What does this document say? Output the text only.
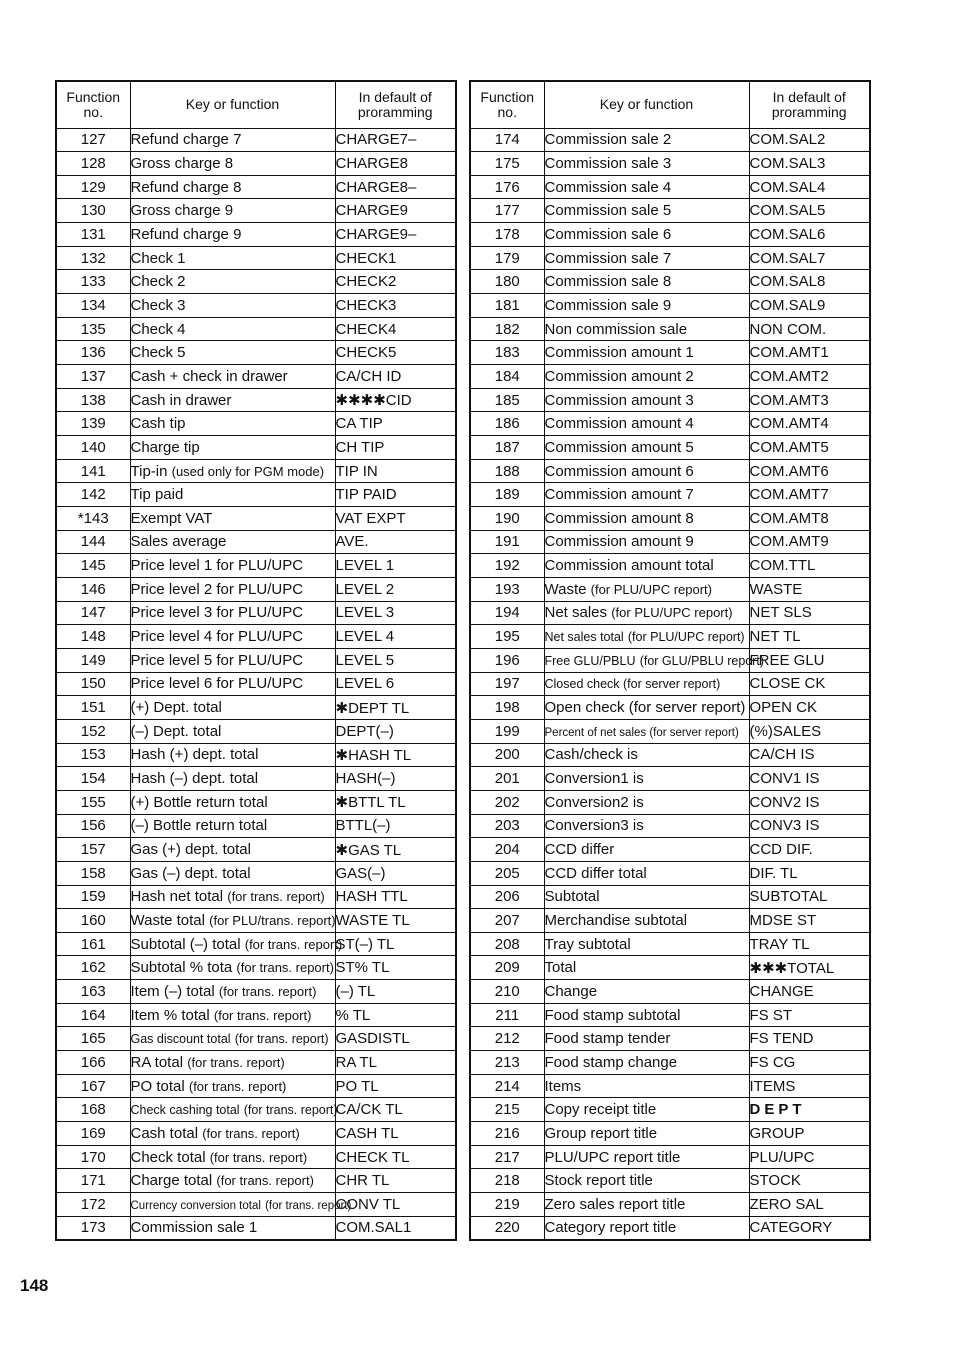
Function
no.	Key or function	In default of
proramming
127	Refund charge 7	CHARGE7–
128	Gross charge 8	CHARGE8
129	Refund charge 8	CHARGE8–
130	Gross charge 9	CHARGE9
131	Refund charge 9	CHARGE9–
132	Check 1	CHECK1
133	Check 2	CHECK2
134	Check 3	CHECK3
135	Check 4	CHECK4
136	Check 5	CHECK5
137	Cash + check in drawer	CA/CH ID
138	Cash in drawer	✱✱✱✱CID
139	Cash tip	CA TIP
140	Charge tip	CH TIP
141	Tip-in (used only for PGM mode)	TIP IN
142	Tip paid	TIP PAID
*143	Exempt VAT	VAT EXPT
144	Sales average	AVE.
145	Price level 1 for PLU/UPC	LEVEL 1
146	Price level 2 for PLU/UPC	LEVEL 2
147	Price level 3 for PLU/UPC	LEVEL 3
148	Price level 4 for PLU/UPC	LEVEL 4
149	Price level 5 for PLU/UPC	LEVEL 5
150	Price level 6 for PLU/UPC	LEVEL 6
151	(+) Dept. total	✱DEPT TL
152	(–) Dept. total	DEPT(–)
153	Hash (+) dept. total	✱HASH TL
154	Hash (–) dept. total	HASH(–)
155	(+) Bottle return total	✱BTTL TL
156	(–) Bottle return total	BTTL(–)
157	Gas (+) dept. total	✱GAS TL
158	Gas (–) dept. total	GAS(–)
159	Hash net total (for trans. report)	HASH TTL
160	Waste total (for PLU/trans. report)	WASTE TL
161	Subtotal (–) total (for trans. report)	ST(–) TL
162	Subtotal % tota (for trans. report)	ST% TL
163	Item (–) total (for trans. report)	(–) TL
164	Item % total (for trans. report)	% TL
165	Gas discount total (for trans. report)	GASDISTL
166	RA total (for trans. report)	RA TL
167	PO total (for trans. report)	PO TL
168	Check cashing total (for trans. report)	CA/CK TL
169	Cash total (for trans. report)	CASH TL
170	Check total (for trans. report)	CHECK TL
171	Charge total (for trans. report)	CHR TL
172	Currency conversion total (for trans. report)	CONV TL
173	Commission sale 1	COM.SAL1
Function
no.	Key or function	In default of
proramming
174	Commission sale 2	COM.SAL2
175	Commission sale 3	COM.SAL3
176	Commission sale 4	COM.SAL4
177	Commission sale 5	COM.SAL5
178	Commission sale 6	COM.SAL6
179	Commission sale 7	COM.SAL7
180	Commission sale 8	COM.SAL8
181	Commission sale 9	COM.SAL9
182	Non commission sale	NON COM.
183	Commission amount 1	COM.AMT1
184	Commission amount 2	COM.AMT2
185	Commission amount 3	COM.AMT3
186	Commission amount 4	COM.AMT4
187	Commission amount 5	COM.AMT5
188	Commission amount 6	COM.AMT6
189	Commission amount 7	COM.AMT7
190	Commission amount 8	COM.AMT8
191	Commission amount 9	COM.AMT9
192	Commission amount total	COM.TTL
193	Waste (for PLU/UPC report)	WASTE
194	Net sales (for PLU/UPC report)	NET SLS
195	Net sales total (for PLU/UPC report)	NET TL
196	Free GLU/PBLU (for GLU/PBLU report)	FREE GLU
197	Closed check (for server report)	CLOSE CK
198	Open check (for server report)	OPEN CK
199	Percent of net sales (for server report)	(%)SALES
200	Cash/check is	CA/CH IS
201	Conversion1 is	CONV1 IS
202	Conversion2 is	CONV2 IS
203	Conversion3 is	CONV3 IS
204	CCD differ	CCD DIF.
205	CCD differ total	DIF. TL
206	Subtotal	SUBTOTAL
207	Merchandise subtotal	MDSE ST
208	Tray subtotal	TRAY TL
209	Total	✱✱✱TOTAL
210	Change	CHANGE
211	Food stamp subtotal	FS ST
212	Food stamp tender	FS TEND
213	Food stamp change	FS CG
214	Items	ITEMS
215	Copy receipt title	DEPT
216	Group report title	GROUP
217	PLU/UPC report title	PLU/UPC
218	Stock report title	STOCK
219	Zero sales report title	ZERO SAL
220	Category report title	CATEGORY
148
